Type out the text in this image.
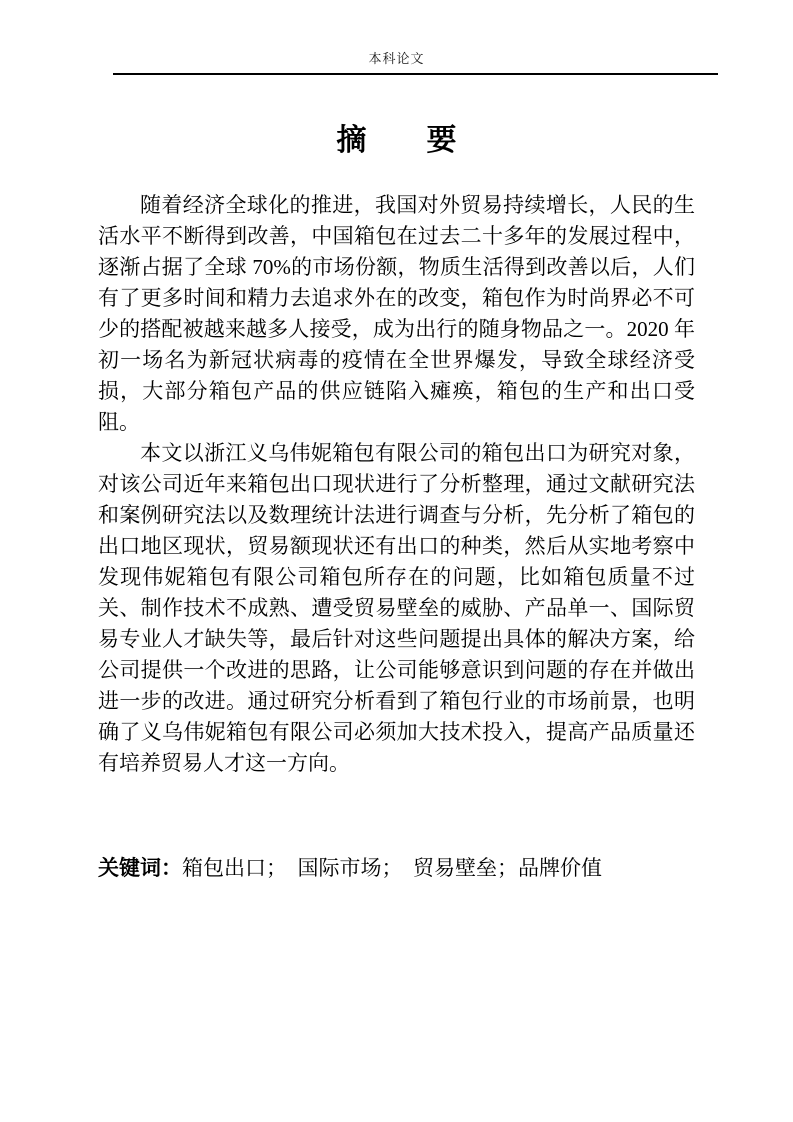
本科论文
摘　　要

随着经济全球化的推进，我国对外贸易持续增长，人民的生活水平不断得到改善，中国箱包在过去二十多年的发展过程中，逐渐占据了全球 70%的市场份额，物质生活得到改善以后，人们有了更多时间和精力去追求外在的改变，箱包作为时尚界必不可少的搭配被越来越多人接受，成为出行的随身物品之一。2020 年初一场名为新冠状病毒的疫情在全世界爆发，导致全球经济受损，大部分箱包产品的供应链陷入瘫痪，箱包的生产和出口受阻。

本文以浙江义乌伟妮箱包有限公司的箱包出口为研究对象，对该公司近年来箱包出口现状进行了分析整理，通过文献研究法和案例研究法以及数理统计法进行调查与分析，先分析了箱包的出口地区现状，贸易额现状还有出口的种类，然后从实地考察中发现伟妮箱包有限公司箱包所存在的问题，比如箱包质量不过关、制作技术不成熟、遭受贸易壁垒的威胁、产品单一、国际贸易专业人才缺失等，最后针对这些问题提出具体的解决方案，给公司提供一个改进的思路，让公司能够意识到问题的存在并做出进一步的改进。通过研究分析看到了箱包行业的市场前景，也明确了义乌伟妮箱包有限公司必须加大技术投入，提高产品质量还有培养贸易人才这一方向。

关键词：箱包出口；　国际市场；　贸易壁垒；品牌价值
